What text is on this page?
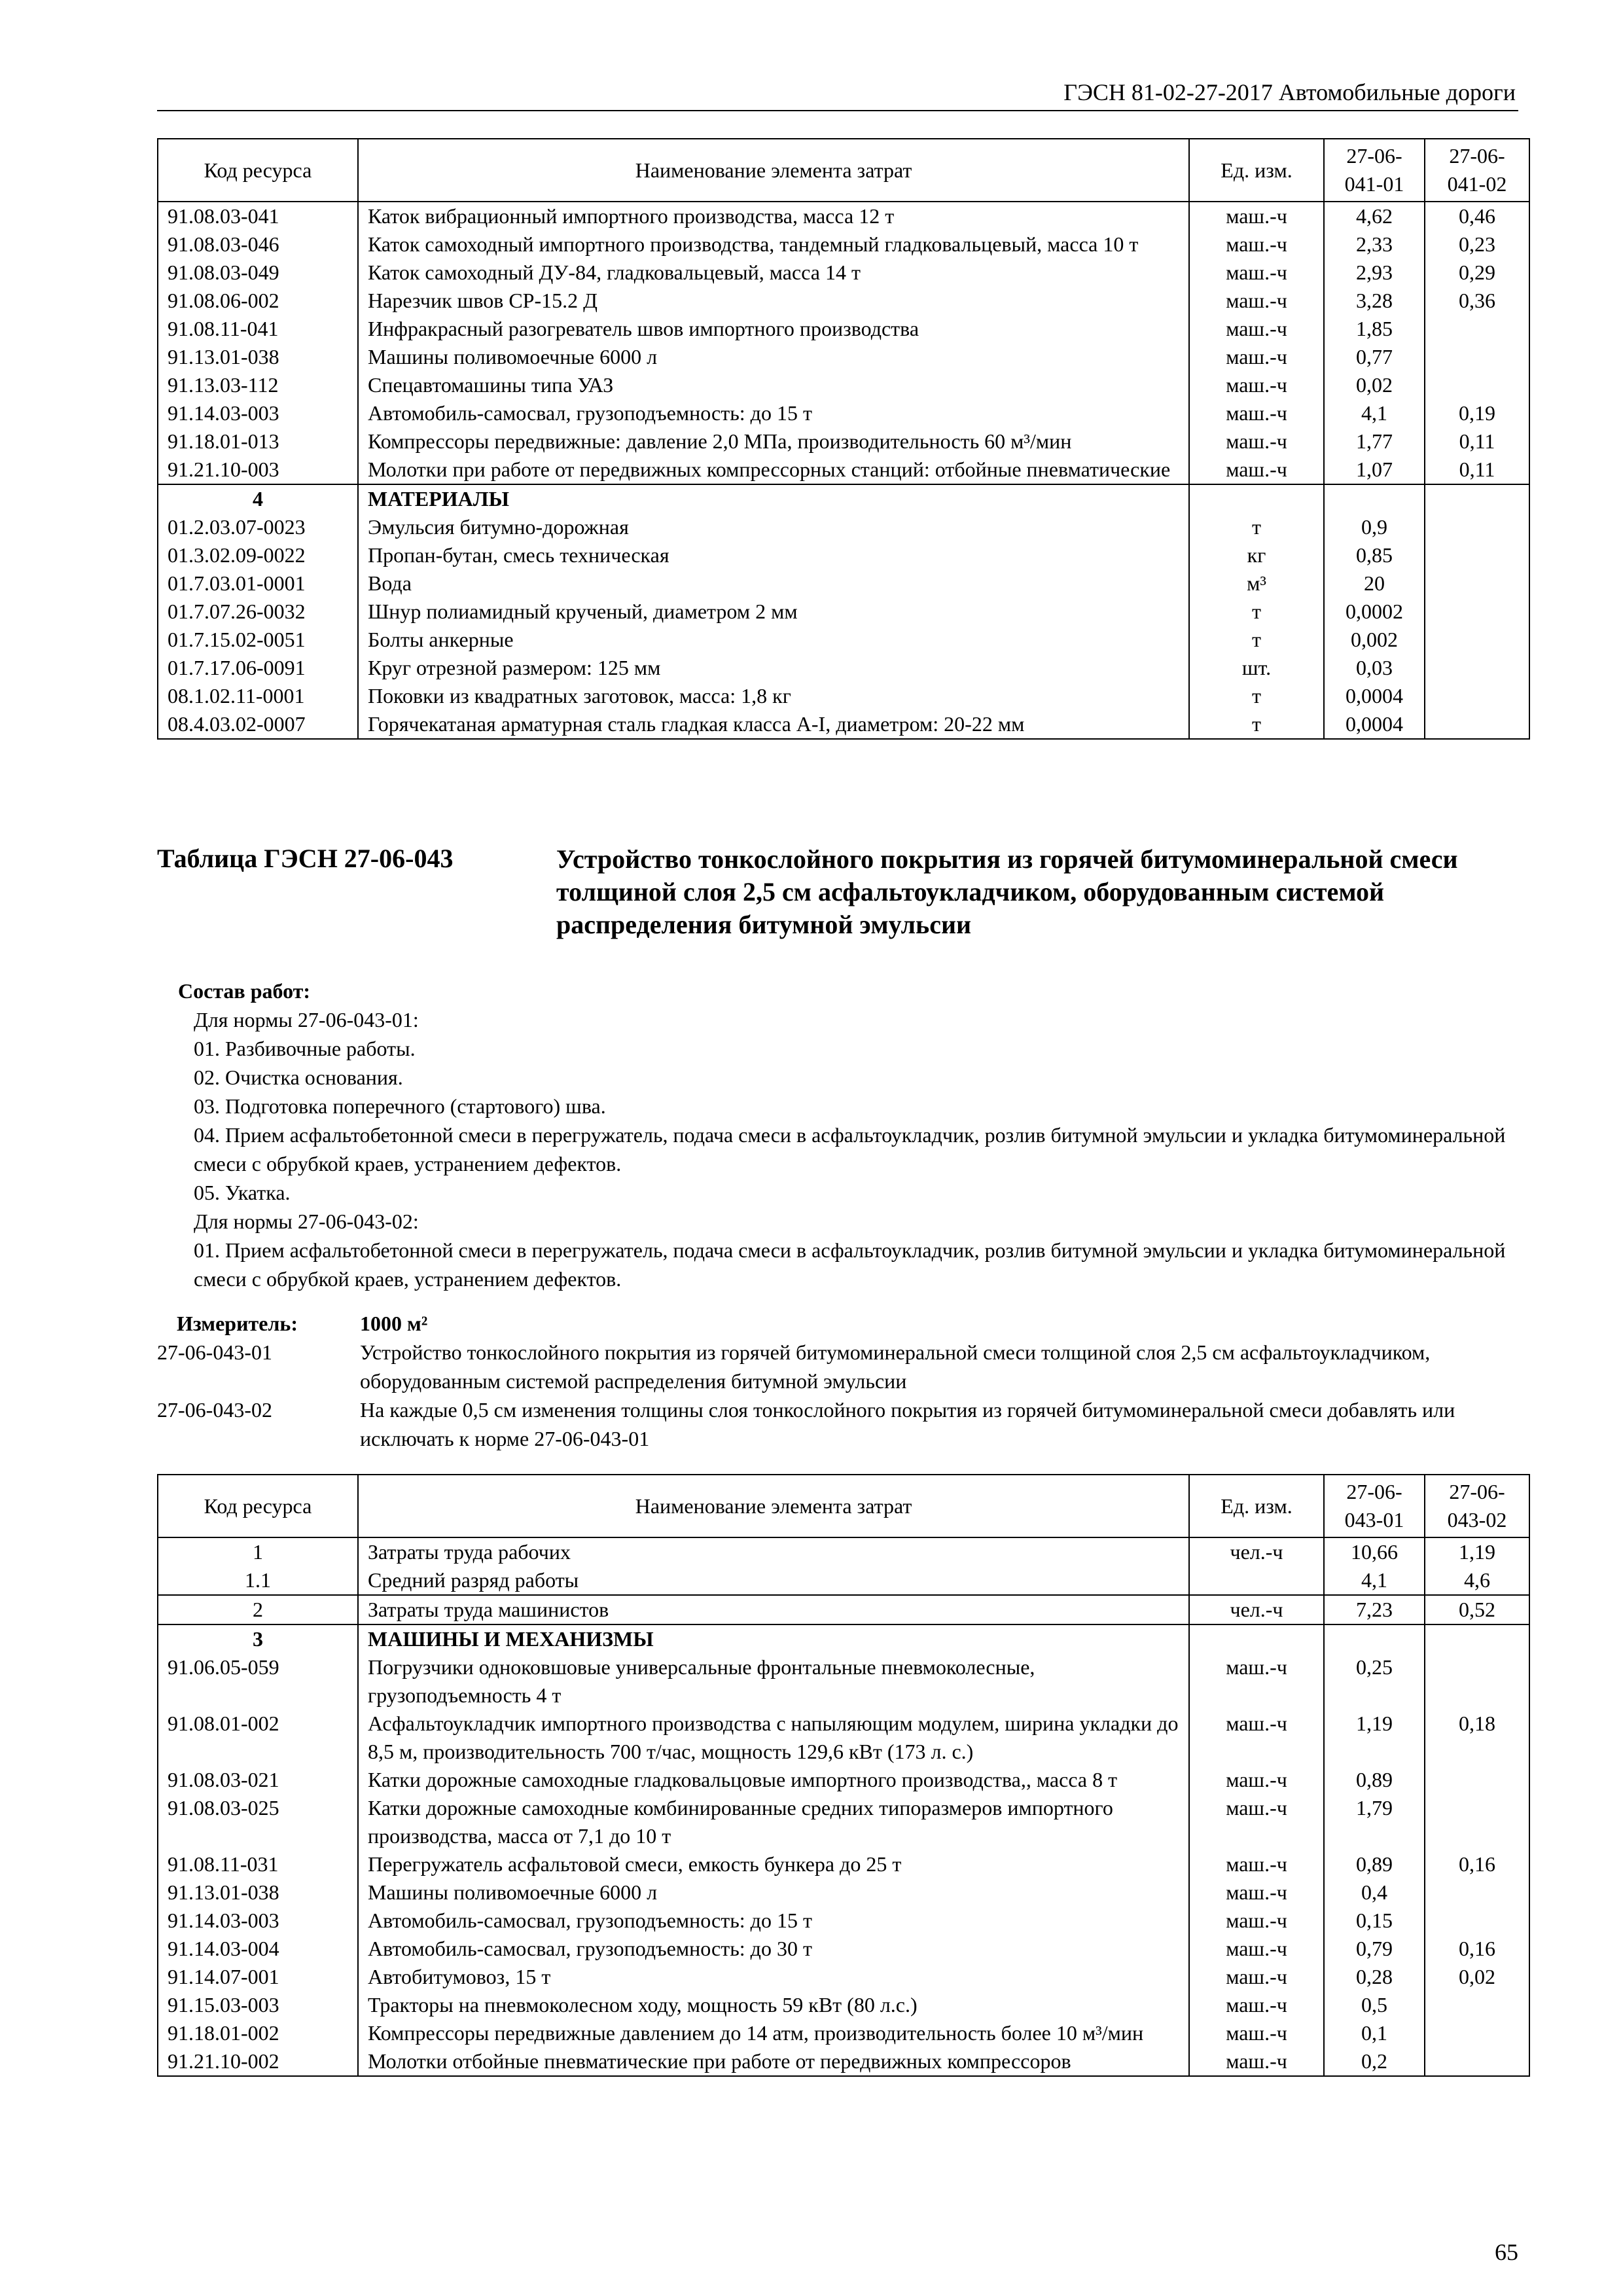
ГЭСН 81-02-27-2017 Автомобильные дороги
Код ресурса	Наименование элемента затрат	Ед. изм.	27-06-041-01	27-06-041-02
91.08.03-041	Каток вибрационный импортного производства, масса 12 т	маш.-ч	4,62	0,46
91.08.03-046	Каток самоходный импортного производства, тандемный гладковальцевый, масса 10 т	маш.-ч	2,33	0,23
91.08.03-049	Каток самоходный ДУ-84, гладковальцевый, масса 14 т	маш.-ч	2,93	0,29
91.08.06-002	Нарезчик швов СР-15.2 Д	маш.-ч	3,28	0,36
91.08.11-041	Инфракрасный разогреватель швов импортного производства	маш.-ч	1,85	
91.13.01-038	Машины поливомоечные 6000 л	маш.-ч	0,77	
91.13.03-112	Спецавтомашины типа УАЗ	маш.-ч	0,02	
91.14.03-003	Автомобиль-самосвал, грузоподъемность: до 15 т	маш.-ч	4,1	0,19
91.18.01-013	Компрессоры передвижные: давление 2,0 МПа, производительность 60 м³/мин	маш.-ч	1,77	0,11
91.21.10-003	Молотки при работе от передвижных компрессорных станций: отбойные пневматические	маш.-ч	1,07	0,11
4	МАТЕРИАЛЫ			
01.2.03.07-0023	Эмульсия битумно-дорожная	т	0,9	
01.3.02.09-0022	Пропан-бутан, смесь техническая	кг	0,85	
01.7.03.01-0001	Вода	м³	20	
01.7.07.26-0032	Шнур полиамидный крученый, диаметром 2 мм	т	0,0002	
01.7.15.02-0051	Болты анкерные	т	0,002	
01.7.17.06-0091	Круг отрезной размером: 125 мм	шт.	0,03	
08.1.02.11-0001	Поковки из квадратных заготовок, масса: 1,8 кг	т	0,0004	
08.4.03.02-0007	Горячекатаная арматурная сталь гладкая класса А-I, диаметром: 20-22 мм	т	0,0004	
Таблица ГЭСН 27-06-043	Устройство тонкослойного покрытия из горячей битумоминеральной смеси толщиной слоя 2,5 см асфальтоукладчиком, оборудованным системой распределения битумной эмульсии
Состав работ:
Для нормы 27-06-043-01:
01. Разбивочные работы.
02. Очистка основания.
03. Подготовка поперечного (стартового) шва.
04. Прием асфальтобетонной смеси в перегружатель, подача смеси в асфальтоукладчик, розлив битумной эмульсии и укладка битумоминеральной смеси с обрубкой краев, устранением дефектов.
05. Укатка.
Для нормы 27-06-043-02:
01. Прием асфальтобетонной смеси в перегружатель, подача смеси в асфальтоукладчик, розлив битумной эмульсии и укладка битумоминеральной смеси с обрубкой краев, устранением дефектов.
Измеритель:	1000 м²
27-06-043-01	Устройство тонкослойного покрытия из горячей битумоминеральной смеси толщиной слоя 2,5 см асфальтоукладчиком, оборудованным системой распределения битумной эмульсии
27-06-043-02	На каждые 0,5 см изменения толщины слоя тонкослойного покрытия из горячей битумоминеральной смеси добавлять или исключать к норме 27-06-043-01
Код ресурса	Наименование элемента затрат	Ед. изм.	27-06-043-01	27-06-043-02
1	Затраты труда рабочих	чел.-ч	10,66	1,19
1.1	Средний разряд работы		4,1	4,6
2	Затраты труда машинистов	чел.-ч	7,23	0,52
3	МАШИНЫ И МЕХАНИЗМЫ			
91.06.05-059	Погрузчики одноковшовые универсальные фронтальные пневмоколесные, грузоподъемность 4 т	маш.-ч	0,25	
91.08.01-002	Асфальтоукладчик импортного производства с напыляющим модулем, ширина укладки до 8,5 м, производительность 700 т/час, мощность 129,6 кВт (173 л. с.)	маш.-ч	1,19	0,18
91.08.03-021	Катки дорожные самоходные гладковальцовые импортного производства,, масса 8 т	маш.-ч	0,89	
91.08.03-025	Катки дорожные самоходные комбинированные средних типоразмеров импортного производства, масса от 7,1 до 10 т	маш.-ч	1,79	
91.08.11-031	Перегружатель асфальтовой смеси, емкость бункера до 25 т	маш.-ч	0,89	0,16
91.13.01-038	Машины поливомоечные 6000 л	маш.-ч	0,4	
91.14.03-003	Автомобиль-самосвал, грузоподъемность: до 15 т	маш.-ч	0,15	
91.14.03-004	Автомобиль-самосвал, грузоподъемность: до 30 т	маш.-ч	0,79	0,16
91.14.07-001	Автобитумовоз, 15 т	маш.-ч	0,28	0,02
91.15.03-003	Тракторы на пневмоколесном ходу, мощность 59 кВт (80 л.с.)	маш.-ч	0,5	
91.18.01-002	Компрессоры передвижные давлением до 14 атм, производительность более 10 м³/мин	маш.-ч	0,1	
91.21.10-002	Молотки отбойные пневматические при работе от передвижных компрессоров	маш.-ч	0,2	
65
